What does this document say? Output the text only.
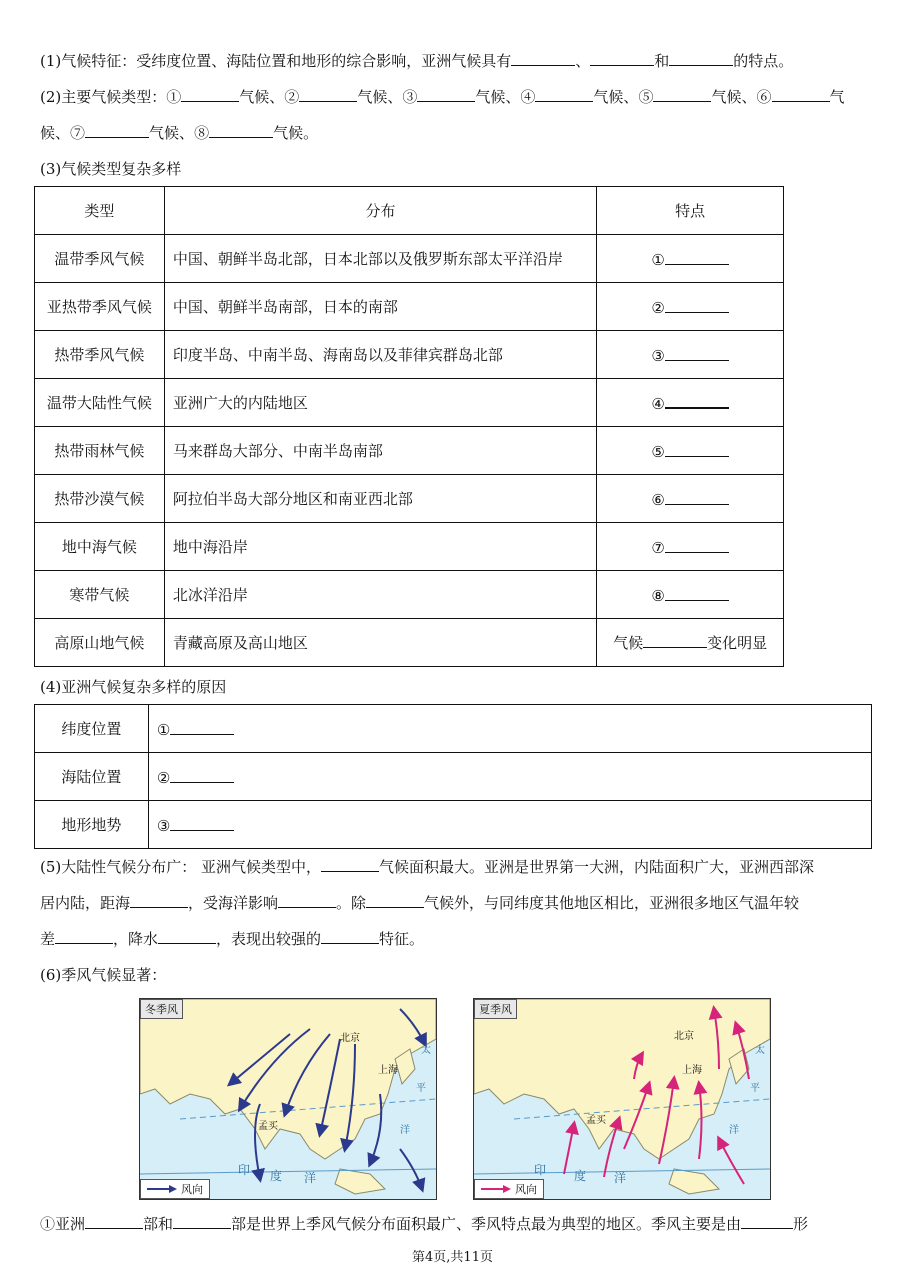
(1)气候特征：受纬度位置、海陆位置和地形的综合影响，亚洲气候具有	、	和	的特点。
(2)主要气候类型：①	气候、②	气候、③	气候、④	气候、⑤	气候、⑥	气
候、⑦	气候、⑧	气候。
(3)气候类型复杂多样
类型	分布	特点
温带季风气候	中国、朝鲜半岛北部，日本北部以及俄罗斯东部太平洋沿岸	①
亚热带季风气候	中国、朝鲜半岛南部，日本的南部	②
热带季风气候	印度半岛、中南半岛、海南岛以及菲律宾群岛北部	③
温带大陆性气候	亚洲广大的内陆地区	④
热带雨林气候	马来群岛大部分、中南半岛南部	⑤
热带沙漠气候	阿拉伯半岛大部分地区和南亚西北部	⑥
地中海气候	地中海沿岸	⑦
寒带气候	北冰洋沿岸	⑧
高原山地气候	青藏高原及高山地区	气候 变化明显
(4)亚洲气候复杂多样的原因
纬度位置	①
海陆位置	②
地形地势	③
(5)大陆性气候分布广： 亚洲气候类型中，	气候面积最大。亚洲是世界第一大洲，内陆面积广大，亚洲西部深
居内陆，距海	，受海洋影响	。除	气候外，与同纬度其他地区相比，亚洲很多地区气温年较
差	，降水	，表现出较强的	特征。
(6)季风气候显著：
冬季风
北京
上海
孟买
太
平
洋
印 度 洋
风向
夏季风
北京
上海
孟买
太
平
洋
印 度 洋
风向
①亚洲	部和	部是世界上季风气候分布面积最广、季风特点最为典型的地区。季风主要是由	形
第4页,共11页
